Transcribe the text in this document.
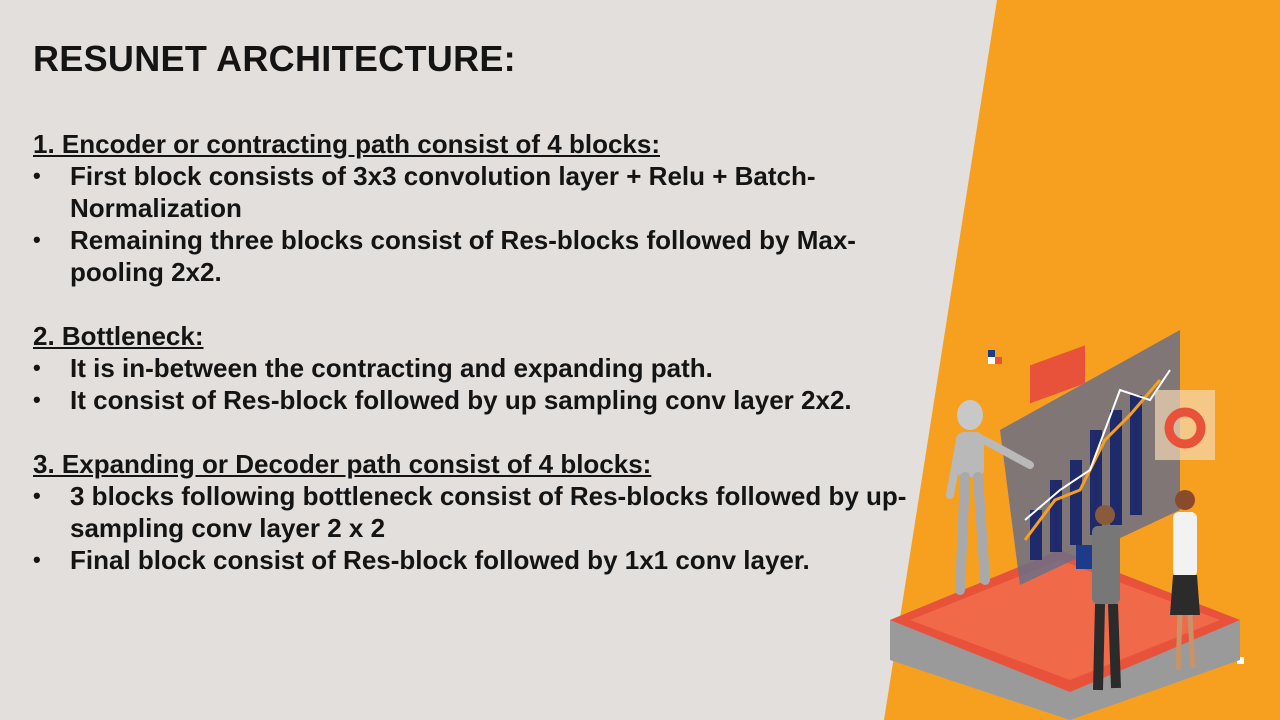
RESUNET ARCHITECTURE:

1. Encoder or contracting path consist of 4 blocks:

• First block consists of 3x3 convolution layer + Relu + Batch-Normalization
• Remaining three blocks consist of Res-blocks followed by Max-pooling 2x2.

2. Bottleneck:

• It is in-between the contracting and expanding path.
• It consist of Res-block followed by up sampling conv layer 2x2.

3. Expanding or Decoder path consist of 4 blocks:

• 3 blocks following bottleneck consist of Res-blocks followed by up-sampling conv layer 2 x 2
• Final block consist of Res-block followed by 1x1 conv layer.
